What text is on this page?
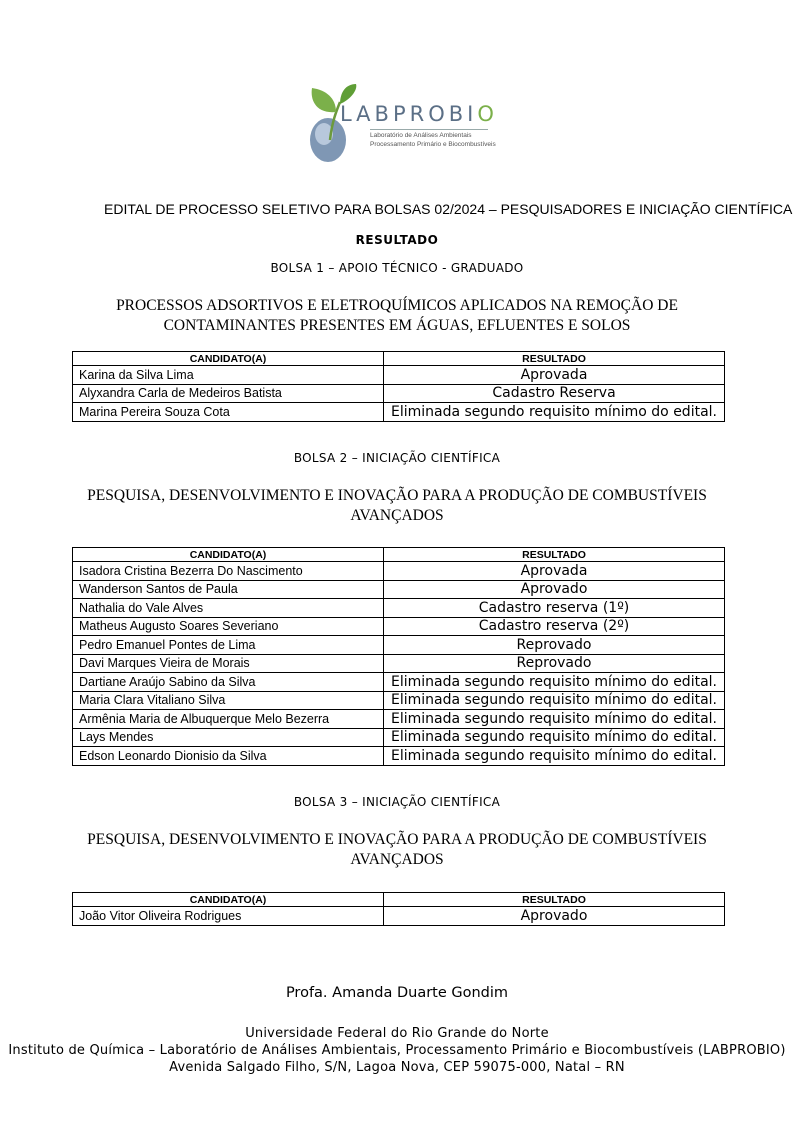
LABPROBIO
Laboratório de Análises Ambientais
Processamento Primário e Biocombustíveis
EDITAL DE PROCESSO SELETIVO PARA BOLSAS 02/2024 – PESQUISADORES E INICIAÇÃO CIENTÍFICA
RESULTADO
BOLSA 1 – APOIO TÉCNICO - GRADUADO
PROCESSOS ADSORTIVOS E ELETROQUÍMICOS APLICADOS NA REMOÇÃO DE
CONTAMINANTES PRESENTES EM ÁGUAS, EFLUENTES E SOLOS
CANDIDATO(A)	RESULTADO
Karina da Silva Lima	Aprovada
Alyxandra Carla de Medeiros Batista	Cadastro Reserva
Marina Pereira Souza Cota	Eliminada segundo requisito mínimo do edital.
BOLSA 2 – INICIAÇÃO CIENTÍFICA
PESQUISA, DESENVOLVIMENTO E INOVAÇÃO PARA A PRODUÇÃO DE COMBUSTÍVEIS
AVANÇADOS
CANDIDATO(A)	RESULTADO
Isadora Cristina Bezerra Do Nascimento	Aprovada
Wanderson Santos de Paula	Aprovado
Nathalia do Vale Alves	Cadastro reserva (1º)
Matheus Augusto Soares Severiano	Cadastro reserva (2º)
Pedro Emanuel Pontes de Lima	Reprovado
Davi Marques Vieira de Morais	Reprovado
Dartiane Araújo Sabino da Silva	Eliminada segundo requisito mínimo do edital.
Maria Clara Vitaliano Silva	Eliminada segundo requisito mínimo do edital.
Armênia Maria de Albuquerque Melo Bezerra	Eliminada segundo requisito mínimo do edital.
Lays Mendes	Eliminada segundo requisito mínimo do edital.
Edson Leonardo Dionisio da Silva	Eliminada segundo requisito mínimo do edital.
BOLSA 3 – INICIAÇÃO CIENTÍFICA
PESQUISA, DESENVOLVIMENTO E INOVAÇÃO PARA A PRODUÇÃO DE COMBUSTÍVEIS
AVANÇADOS
CANDIDATO(A)	RESULTADO
João Vitor Oliveira Rodrigues	Aprovado
Profa. Amanda Duarte Gondim
Universidade Federal do Rio Grande do Norte
Instituto de Química – Laboratório de Análises Ambientais, Processamento Primário e Biocombustíveis (LABPROBIO)
Avenida Salgado Filho, S/N, Lagoa Nova, CEP 59075-000, Natal – RN
